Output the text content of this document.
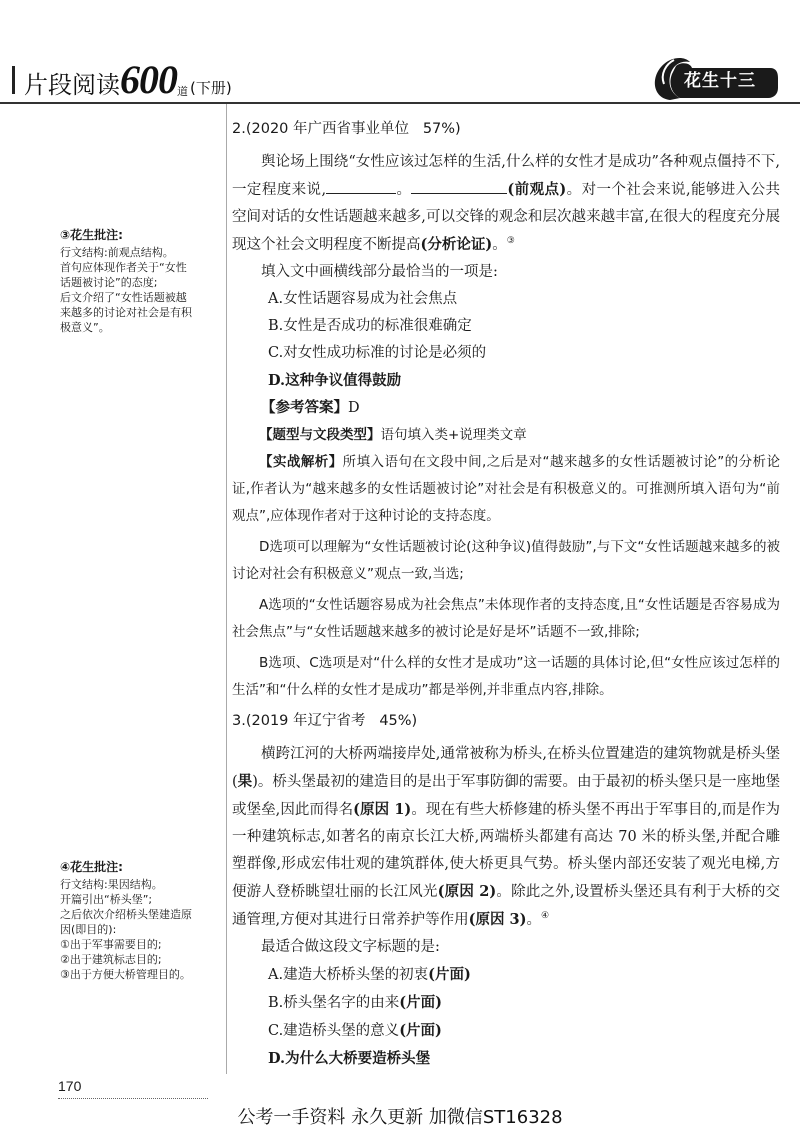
片段阅读600道 (下册)	花生十三

2.(2020 年广西省事业单位   57%)

舆论场上围绕“女性应该过怎样的生活,什么样的女性才是成功”各种观点僵持不下,一定程度来说,	。	(前观点)。对一个社会来说,能够进入公共空间对话的女性话题越来越多,可以交锋的观念和层次越来越丰富,在很大的程度充分展现这个社会文明程度不断提高(分析论证)。③

填入文中画横线部分最恰当的一项是:

A.女性话题容易成为社会焦点

B.女性是否成功的标准很难确定

C.对女性成功标准的讨论是必须的

D.这种争议值得鼓励

【参考答案】D

【题型与文段类型】语句填入类+说理类文章

【实战解析】所填入语句在文段中间,之后是对“越来越多的女性话题被讨论”的分析论证,作者认为“越来越多的女性话题被讨论”对社会是有积极意义的。可推测所填入语句为“前观点”,应体现作者对于这种讨论的支持态度。

D选项可以理解为“女性话题被讨论(这种争议)值得鼓励”,与下文“女性话题越来越多的被讨论对社会有积极意义”观点一致,当选;

A选项的“女性话题容易成为社会焦点”未体现作者的支持态度,且“女性话题是否容易成为社会焦点”与“女性话题越来越多的被讨论是好是坏”话题不一致,排除;

B选项、C选项是对“什么样的女性才是成功”这一话题的具体讨论,但“女性应该过怎样的生活”和“什么样的女性才是成功”都是举例,并非重点内容,排除。

③花生批注:
行文结构:前观点结构。
首句应体现作者关于“女性
话题被讨论”的态度;
后文介绍了“女性话题被越
来越多的讨论对社会是有积
极意义”。

3.(2019 年辽宁省考   45%)

横跨江河的大桥两端接岸处,通常被称为桥头,在桥头位置建造的建筑物就是桥头堡(果)。桥头堡最初的建造目的是出于军事防御的需要。由于最初的桥头堡只是一座地堡或堡垒,因此而得名(原因 1)。现在有些大桥修建的桥头堡不再出于军事目的,而是作为一种建筑标志,如著名的南京长江大桥,两端桥头都建有高达 70 米的桥头堡,并配合雕塑群像,形成宏伟壮观的建筑群体,使大桥更具气势。桥头堡内部还安装了观光电梯,方便游人登桥眺望壮丽的长江风光(原因 2)。除此之外,设置桥头堡还具有利于大桥的交通管理,方便对其进行日常养护等作用(原因 3)。④

最适合做这段文字标题的是:

A.建造大桥桥头堡的初衷(片面)

B.桥头堡名字的由来(片面)

C.建造桥头堡的意义(片面)

D.为什么大桥要造桥头堡

④花生批注:
行文结构:果因结构。
开篇引出“桥头堡”;
之后依次介绍桥头堡建造原
因(即目的):
①出于军事需要目的;
②出于建筑标志目的;
③出于方便大桥管理目的。
170
公考一手资料 永久更新 加微信ST16328
